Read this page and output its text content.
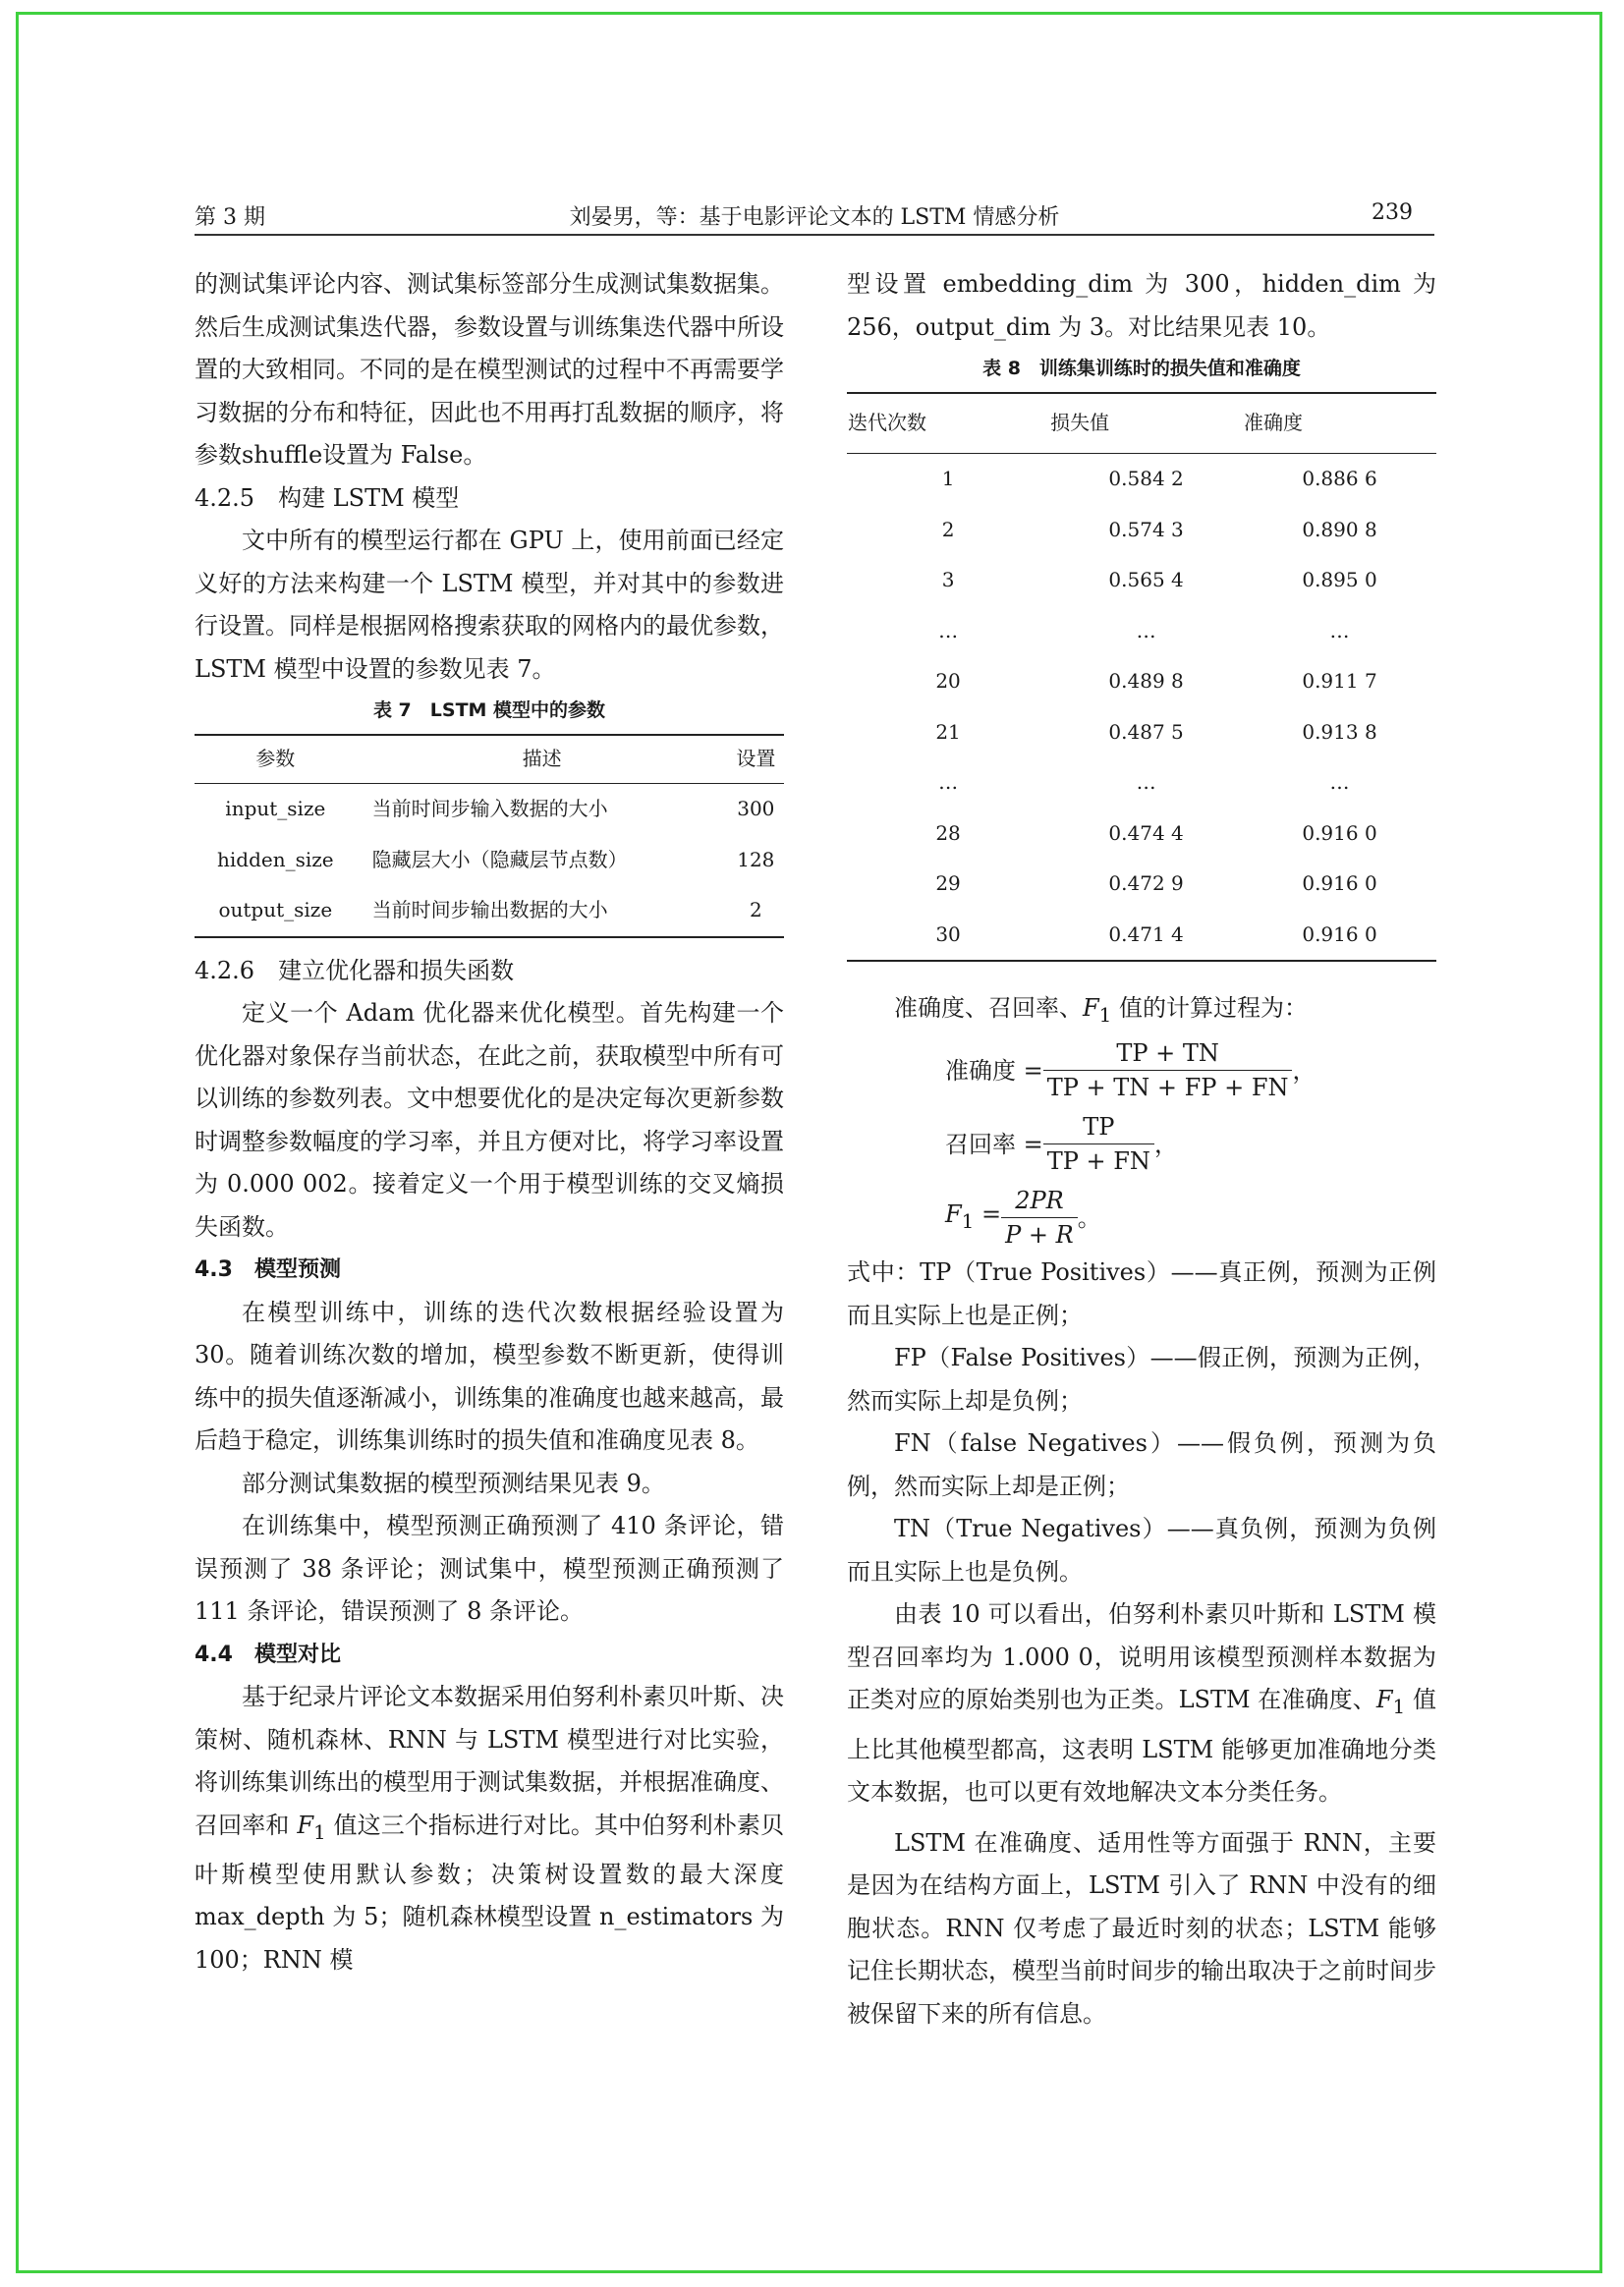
第 3 期	刘晏男，等：基于电影评论文本的 LSTM 情感分析	239

的测试集评论内容、测试集标签部分生成测试集数据集。然后生成测试集迭代器，参数设置与训练集迭代器中所设置的大致相同。不同的是在模型测试的过程中不再需要学习数据的分布和特征，因此也不用再打乱数据的顺序，将参数shuffle设置为 False。

4.2.5　构建 LSTM 模型

文中所有的模型运行都在 GPU 上，使用前面已经定义好的方法来构建一个 LSTM 模型，并对其中的参数进行设置。同样是根据网格搜索获取的网格内的最优参数，LSTM 模型中设置的参数见表 7。

表 7　LSTM 模型中的参数
参数	描述	设置
input_size	当前时间步输入数据的大小	300
hidden_size	隐藏层大小（隐藏层节点数）	128
output_size	当前时间步输出数据的大小	2

4.2.6　建立优化器和损失函数

定义一个 Adam 优化器来优化模型。首先构建一个优化器对象保存当前状态，在此之前，获取模型中所有可以训练的参数列表。文中想要优化的是决定每次更新参数时调整参数幅度的学习率，并且方便对比，将学习率设置为 0.000 002。接着定义一个用于模型训练的交叉熵损失函数。

4.3　模型预测

在模型训练中，训练的迭代次数根据经验设置为 30。随着训练次数的增加，模型参数不断更新，使得训练中的损失值逐渐减小，训练集的准确度也越来越高，最后趋于稳定，训练集训练时的损失值和准确度见表 8。

部分测试集数据的模型预测结果见表 9。

在训练集中，模型预测正确预测了 410 条评论，错误预测了 38 条评论；测试集中，模型预测正确预测了 111 条评论，错误预测了 8 条评论。

4.4　模型对比

基于纪录片评论文本数据采用伯努利朴素贝叶斯、决策树、随机森林、RNN 与 LSTM 模型进行对比实验，将训练集训练出的模型用于测试集数据，并根据准确度、召回率和 $F_1$ 值这三个指标进行对比。其中伯努利朴素贝叶斯模型使用默认参数；决策树设置数的最大深度 max_depth 为 5；随机森林模型设置 n_estimators 为 100；RNN 模

型设置 embedding_dim 为 300，hidden_dim 为 256，output_dim 为 3。对比结果见表 10。

表 8　训练集训练时的损失值和准确度
迭代次数	损失值	准确度
1	0.584 2	0.886 6
2	0.574 3	0.890 8
3	0.565 4	0.895 0
…	…	…
20	0.489 8	0.911 7
21	0.487 5	0.913 8
…	…	…
28	0.474 4	0.916 0
29	0.472 9	0.916 0
30	0.471 4	0.916 0

准确度、召回率、$F_1$ 值的计算过程为：

准确度 = $\frac{TP + TN}{TP + TN + FP + FN}$ ，
召回率 = $\frac{TP}{TP + FN}$ ，
$F_1 = \frac{2PR}{P + R}$ 。

式中：TP（True Positives）——真正例，预测为正例而且实际上也是正例；

FP（False Positives）——假正例，预测为正例，然而实际上却是负例；

FN（false Negatives）——假负例，预测为负例，然而实际上却是正例；

TN（True Negatives）——真负例，预测为负例而且实际上也是负例。

由表 10 可以看出，伯努利朴素贝叶斯和 LSTM 模型召回率均为 1.000 0，说明用该模型预测样本数据为正类对应的原始类别也为正类。LSTM 在准确度、$F_1$ 值上比其他模型都高，这表明 LSTM 能够更加准确地分类文本数据，也可以更有效地解决文本分类任务。

LSTM 在准确度、适用性等方面强于 RNN，主要是因为在结构方面上，LSTM 引入了 RNN 中没有的细胞状态。RNN 仅考虑了最近时刻的状态；LSTM 能够记住长期状态，模型当前时间步的输出取决于之前时间步被保留下来的所有信息。
